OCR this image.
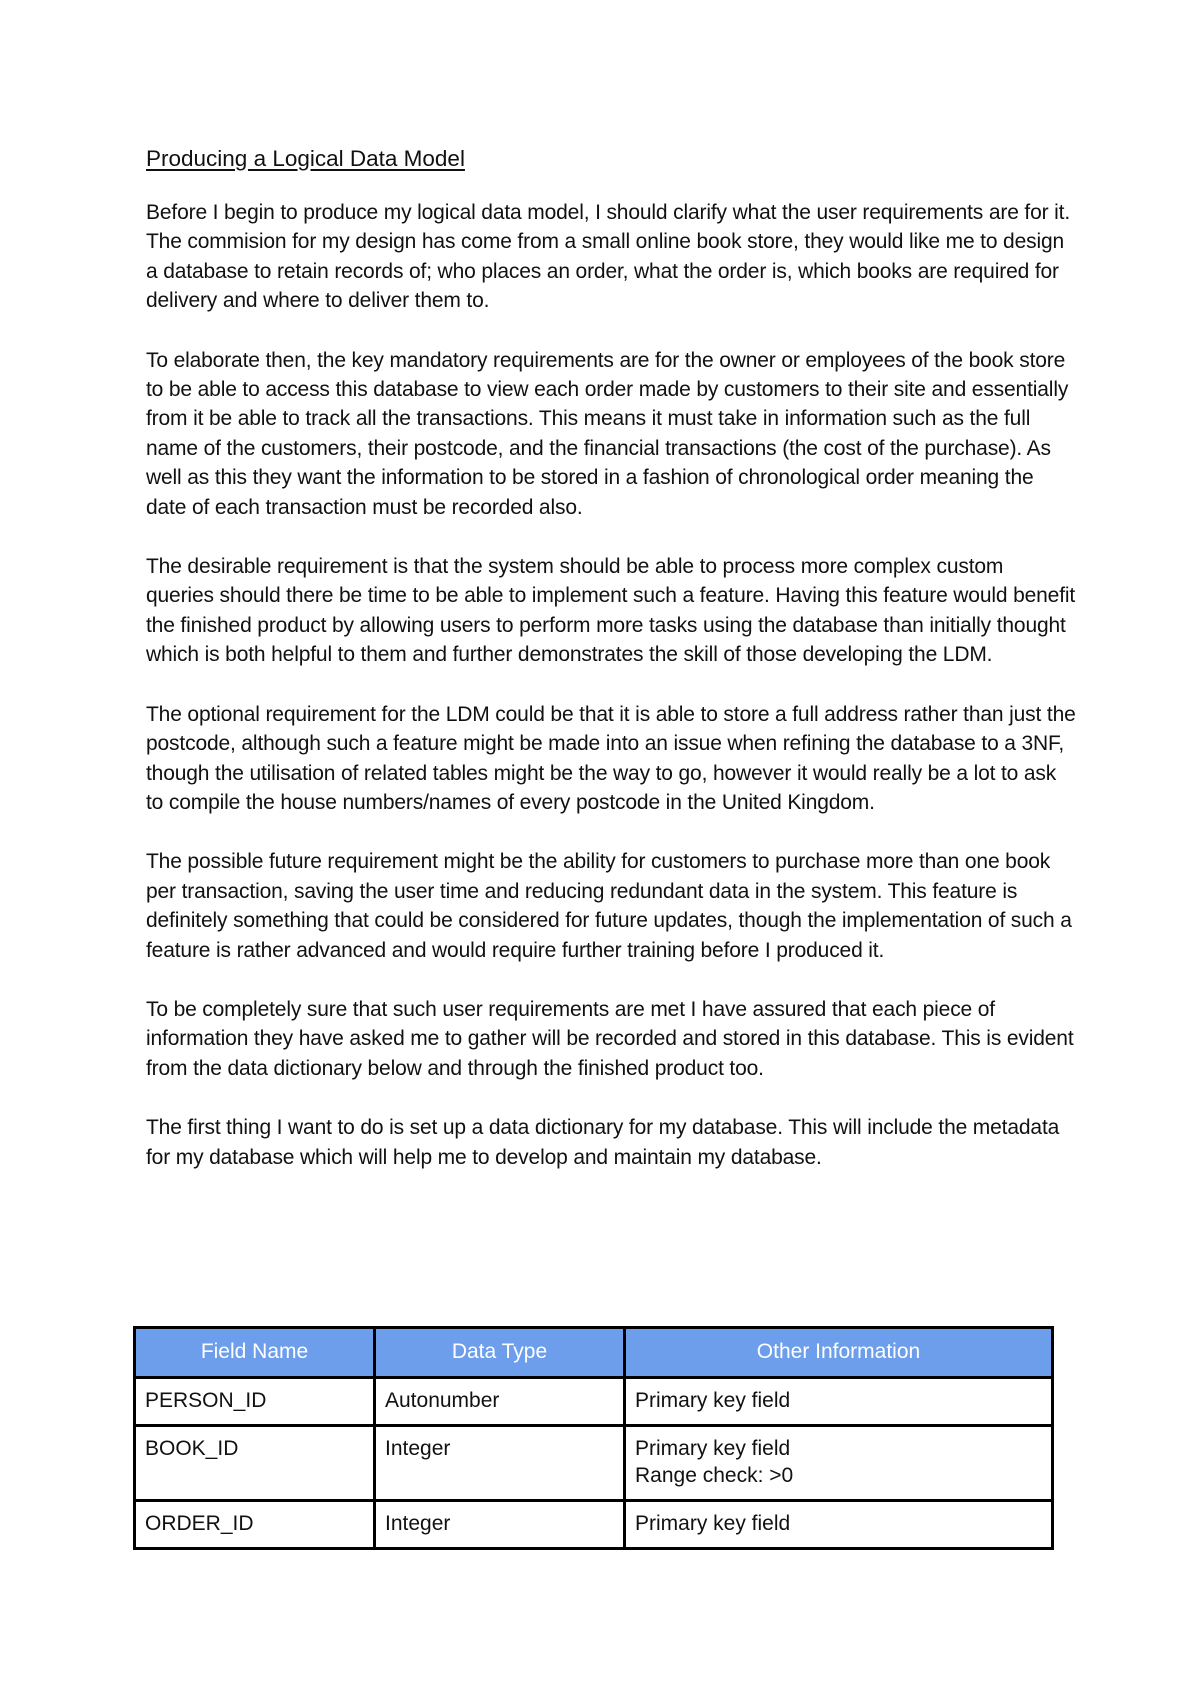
Producing a Logical Data Model

Before I begin to produce my logical data model, I should clarify what the user requirements are for it. The commision for my design has come from a small online book store, they would like me to design a database to retain records of; who places an order, what the order is, which books are required for delivery and where to deliver them to.

To elaborate then, the key mandatory requirements are for the owner or employees of the book store to be able to access this database to view each order made by customers to their site and essentially from it be able to track all the transactions. This means it must take in information such as the full name of the customers, their postcode, and the financial transactions (the cost of the purchase). As well as this they want the information to be stored in a fashion of chronological order meaning the date of each transaction must be recorded also.

The desirable requirement is that the system should be able to process more complex custom queries should there be time to be able to implement such a feature. Having this feature would benefit the finished product by allowing users to perform more tasks using the database than initially thought which is both helpful to them and further demonstrates the skill of those developing the LDM.

The optional requirement for the LDM could be that it is able to store a full address rather than just the postcode, although such a feature might be made into an issue when refining the database to a 3NF, though the utilisation of related tables might be the way to go, however it would really be a lot to ask to compile the house numbers/names of every postcode in the United Kingdom.

The possible future requirement might be the ability for customers to purchase more than one book per transaction, saving the user time and reducing redundant data in the system. This feature is definitely something that could be considered for future updates, though the implementation of such a feature is rather advanced and would require further training before I produced it.

To be completely sure that such user requirements are met I have assured that each piece of information they have asked me to gather will be recorded and stored in this database. This is evident from the data dictionary below and through the finished product too.

The first thing I want to do is set up a data dictionary for my database. This will include the metadata for my database which will help me to develop and maintain my database.

Field Name	Data Type	Other Information
PERSON_ID	Autonumber	Primary key field
BOOK_ID	Integer	Primary key field
Range check: >0

ORDER_ID	Integer	Primary key field
